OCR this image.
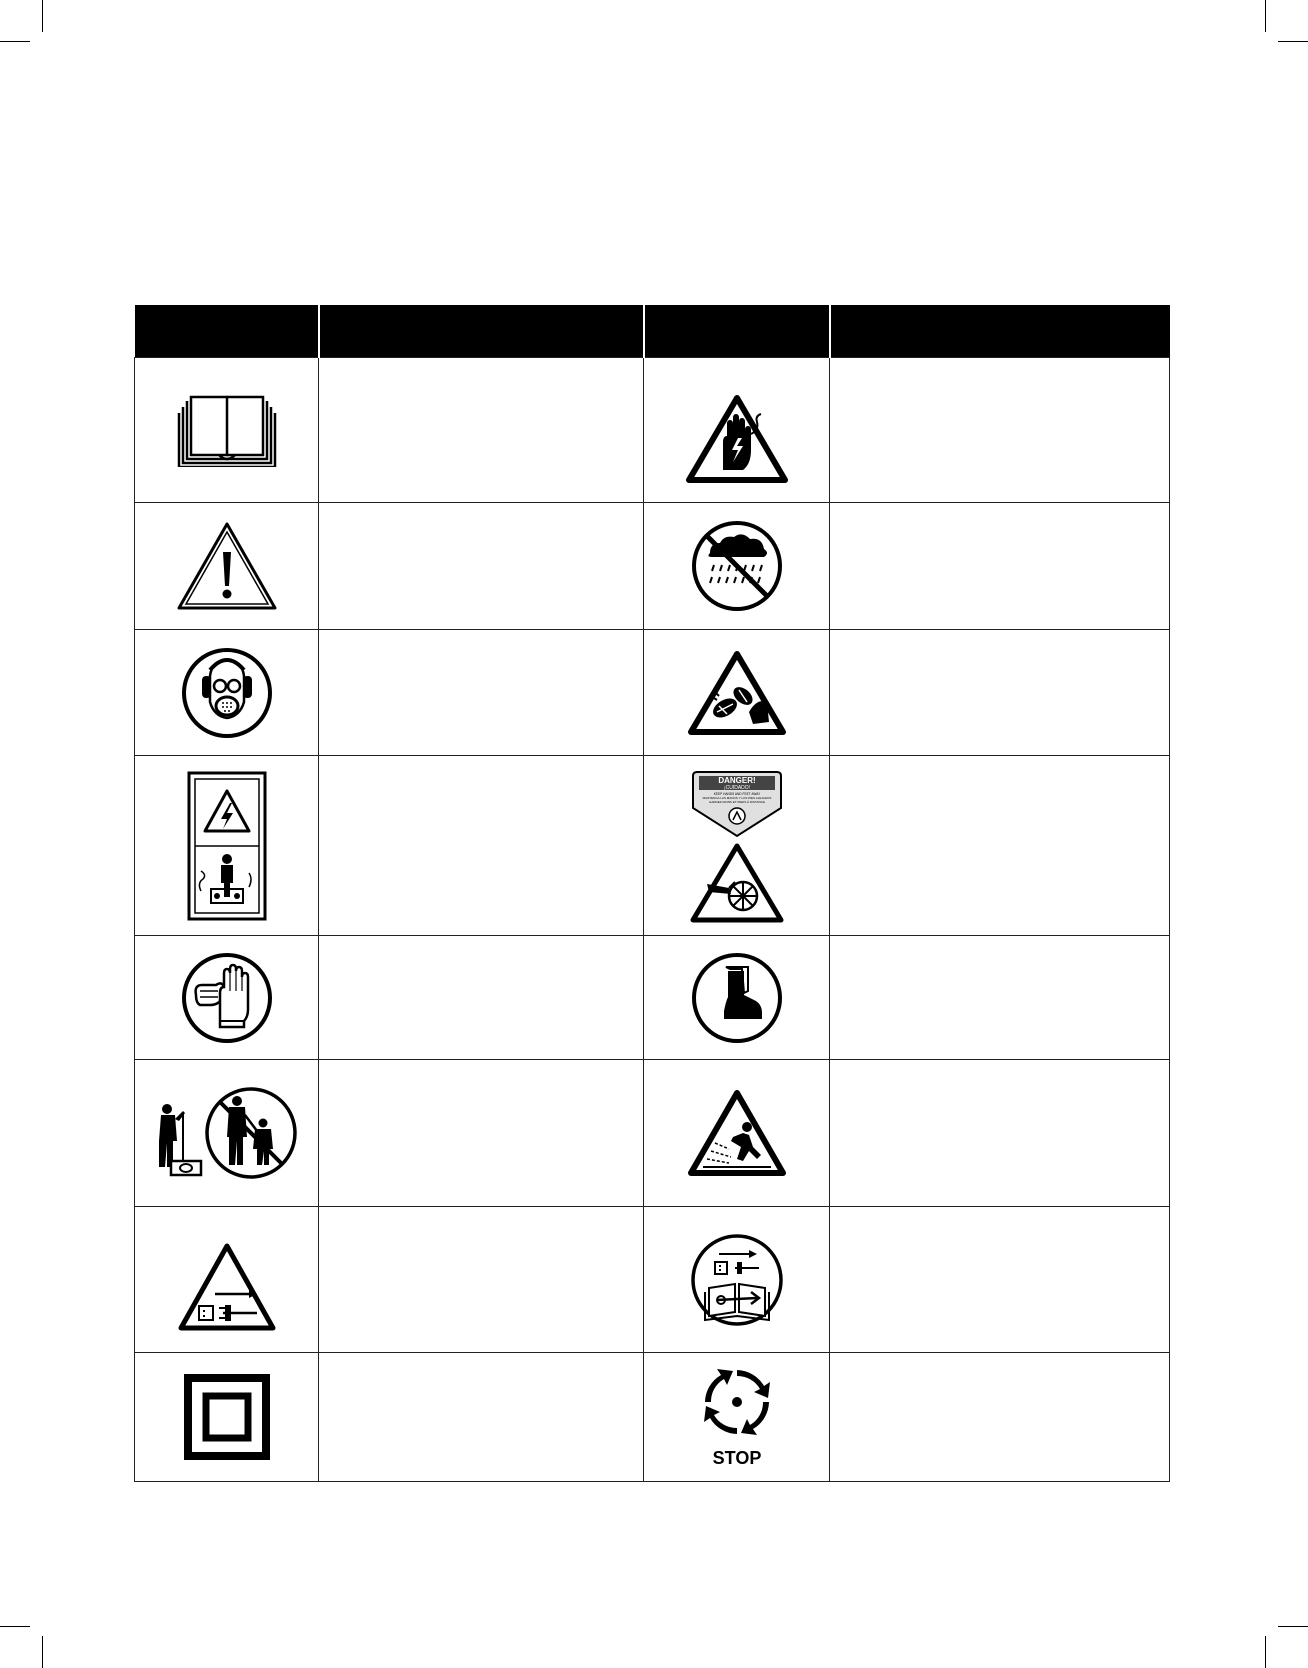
DANGER!
¡CUIDADO!
KEEP HANDS AND FEET AWAY
MANTENGA LAS MANOS Y LOS PIES ALEJADOS
GARDEZ MAINS ET PIEDS À DISTANCE	

STOP	
